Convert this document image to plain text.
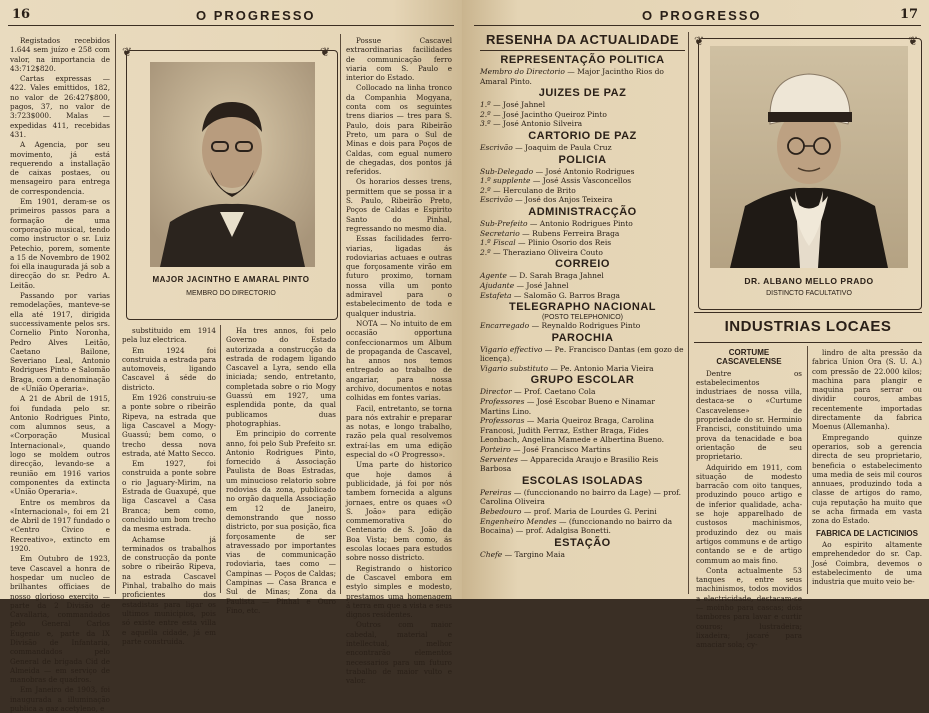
16	O PROGRESSO

Registados recebidos 1.644 sem juízo e 258 com valor, na importancia de 43:712$820.

Cartas expressas — 422. Vales emittidos, 182, no valor de 26:427$800, pagos, 37, no valor de 3:723$000. Malas — expedidas 411, recebidas 431.

A Agencia, por seu movimento, já está requerendo a installação de caixas postaes, ou mensageiro para entrega de correspondencia.

Em 1901, deram-se os primeiros passos para a formação de uma corporação musical, tendo como instructor o sr. Luiz Petechio, porem, somente a 15 de Novembro de 1902 foi ella inaugurada já sob a direcção do sr. Pedro A. Leitão.

Passando por varias remodelações, manteve-se ella até 1917, dirigida successivamente pelos srs. Cornelio Pinto Noronha, Pedro Alves Leitão, Caetano Bailone, Severiano Leal, Antonio Rodrigues Pinto e Salomão Braga, com a denominação de «União Operaria».

A 21 de Abril de 1915, foi fundada pelo sr. Antonio Rodrigues Pinto, com alumnos seus, a «Corporação Musical Internacional», quando logo se moldem outros direcção, levando-se a reunião em 1916 varios componentes da extincta «União Operaria».

Entre os membros da «Internacional», foi em 21 de Abril de 1917 fundado o «Centro Civico e Recreativo», extincto em 1920.

Em Outubro de 1923, teve Cascavel a honra de hospedar um nucleo de brilhantes officiaes de nosso glorioso exercito — parte da 2 Divisão de Cavallaria, commandados pelo General Carlos Eugenio e, parte da IX Divisão de Infantaria, commandados pelo General de brigada Cid de Almeida — em serviço de manobras de quadros.

Em Janeiro de 1903, foi inaugurada a illuminação publica a gaz acetyleno, e

❦	❦
MAJOR JACINTHO E AMARAL PINTO
MEMBRO DO DIRECTORIO

substituido em 1914 pela luz electrica.

Em 1924 foi construida a estrada para automoveis, ligando Cascavel á séde do districto.

Em 1926 construiu-se a ponte sobre o ribeirão Ripeva, na estrada que liga Cascavel a Mogy-Guassú; bem como, o trecho dessa nova estrada, até Matto Secco.

Em 1927, foi construida a ponte sobre o rio Jaguary-Mirim, na Estrada de Guaxupé, que liga Cascavel a Casa Branca; bem como, concluido um bom trecho da mesma estrada.

Achamse já terminados os trabalhos de construcção da ponte sobre o ribeirão Ripeva, na estrada Cascavel Pinhal, trabalho do mais proficientes dos estadistas para ligar os ultimos municipios, pois só existe entre esta villa e aquella cidade, já em parte construida.

Ha tres annos, foi pelo Governo do Estado autorizada a construcção da estrada de rodagem ligando Cascavel a Lyra, sendo ella iniciada; sendo, entretanto, completada sobre o rio Mogy Guassú em 1927, uma esplendida ponte, da qual publicamos duas photographias.

Em principio do corrente anno, foi pelo Sub Prefeito sr. Antonio Rodrigues Pinto, fornecido á Associação Paulista de Boas Estradas, um minucioso relatorio sobre rodovias da zona, publicado no orgão daquella Associação em 12 de Janeiro, demonstrando que nosso districto, por sua posição, fica forçosamente de ser atravessado por importantes vias de communicação rodoviaria, taes como — Campinas — Poços de Caldas; Campinas — Casa Branca e Sul de Minas; Zona da Paulista — Pinhal e Ouro Fino, etc.

Possue Cascavel extraordinarias facilidades de communicação ferro viaria com S. Paulo e interior do Estado.

Collocado na linha tronco da Companhia Mogyana, conta com os seguintes trens diarios — tres para S. Paulo, dois para Ribeirão Preto, um para o Sul de Minas e dois para Poços de Caldas, com egual numero de chegadas, dos pontos já referidos.

Os horarios desses trens, permittem que se possa ir a S. Paulo, Ribeirão Preto, Poços de Caldas e Espirito Santo do Pinhal, regressando no mesmo dia.

Essas facilidades ferro-viarias, ligadas ás rodoviarias actuaes e outras que forçosamente virão em futuro proximo, tornam nossa villa um ponto admiravel para o estabelecimento de toda e qualquer industria.

NOTA — No intuito de em occasião opportuna confeccionarmos um Album de propaganda de Cascavel, ha annos nos temos entregado ao trabalho de angariar, para nossa archivo, documentos e notas colhidas em fontes varias.

Facil, entretanto, se torna para nós extrahir e preparar as notas, e longo trabalho, razão pela qual resolvemos extraí-las em uma edição especial do «O Progresso».

Uma parte do historico que hoje damos á publicidade, já foi por nós tambem fornecida a alguns jornaes, entre os quaes «O S. João» para edição commemorativa do Centenario de S. João da Boa Vista; bem como, ás escolas locaes para estudos sobre nosso districto.

Registrando o historico de Cascavel embora em estylo simples e modesto, prestamos uma homenagem á terra em que a vista e seus dignos residentes.

Outros com maior cabedal, material e intellectual, melhor encontrarão elementos necessarios para um futuro trabalho de maior vulto e valor.

O PROGRESSO	17
RESENHA DA ACTUALIDADE
REPRESENTAÇÃO POLITICA
Membro do Directorio — Major Jacintho Rios do Amaral Pinto.
JUIZES DE PAZ
1.º — José Jahnel
2.º — José Jacintho Queiroz Pinto
3.º — José Antonio Silveira
CARTORIO DE PAZ
Escrivão — Joaquim de Paula Cruz
POLICIA
Sub-Delegado — José Antonio Rodrigues
1.º supplente — José Assis Vasconcellos
2.º — Herculano de Brito
Escrivão — José dos Anjos Teixeira
ADMINISTRACÇÃO
Sub-Prefeito — Antonio Rodrigues Pinto
Secretario — Rubens Ferreira Braga
1.º Fiscal — Plinio Osorio dos Reis
2.º — Theraziano Oliveira Couto
CORREIO
Agente — D. Sarah Braga Jahnel
Ajudante — José Jahnel
Estafeta — Salomão G. Barros Braga
TELEGRAPHO NACIONAL
(POSTO TELEPHONICO)
Encarregado — Reynaldo Rodrigues Pinto
PAROCHIA
Vigario effectivo — Pe. Francisco Dantas (em gozo de licença).
Vigario substituto — Pe. Antonio Maria Vieira
GRUPO ESCOLAR
Director — Prof. Caetano Cola
Professores — José Escobar Bueno e Ninamar Martins Lino.
Professoras — Maria Queiroz Braga, Carolina Francosi, Judith Ferraz, Esther Braga, Fides Leonbach, Angelina Mamede e Albertina Bueno.
Porteiro — José Francisco Martins
Serventes — Apparecida Araujo e Brasilio Reis Barbosa
ESCOLAS ISOLADAS
Pereiras — (funccionando no bairro da Lage) — prof. Carolina Oliveira
Bebedouro — prof. Maria de Lourdes G. Perini
Engenheiro Mendes — (funccionando no bairro da Bocaina) — prof. Adalgisa Bonetti.
ESTAÇÃO
Chefe — Targino Maia
❦	❦
DR. ALBANO MELLO PRADO
DISTINCTO FACULTATIVO
INDUSTRIAS LOCAES
CORTUME CASCAVELENSE

Dentre os estabelecimentos industriaes de nossa villa, destaca-se o «Curtume Cascavelense» de propriedade do sr. Herminio Francisci, constituindo uma prova da tenacidade e boa orientação de seu proprietario.

Adquirido em 1911, com situação de modesto barracão com oito tanques, produzindo pouco artigo e de inferior qualidade, acha-se hoje apparelhado de custosos machinismos, produzindo dez ou mais artigos communs e de artigo contando se e de artigo commum ao mais fino.

Conta actualmente 53 tanques e, entre seus machinismos, todos movidos a electricidade, destacam-se — moinho para cascas; dois tambores para lavar e curtir couros; lustradeira; lixadeira; jacaré para amaciar sola; cy-

lindro de alta pressão da fabrica Union Ora (S. U. A.) com pressão de 22.000 kilos; machina para plangir e maquina para serrar ou dividir couros, ambas recentemente importadas directamente da fabrica Moenus (Allemanha).

Empregando quinze operarios, sob a gerencia directa de seu proprietario, beneficia o estabelecimento uma media de seis mil couros annuaes, produzindo toda a classe de artigos do ramo, cuja reputação ha muito que se acha firmada em vasta zona do Estado.

FABRICA DE LACTICINIOS

Ao espirito altamente emprehendedor do sr. Cap. José Coimbra, devemos o estabelecimento de uma industria que muito veio be-
